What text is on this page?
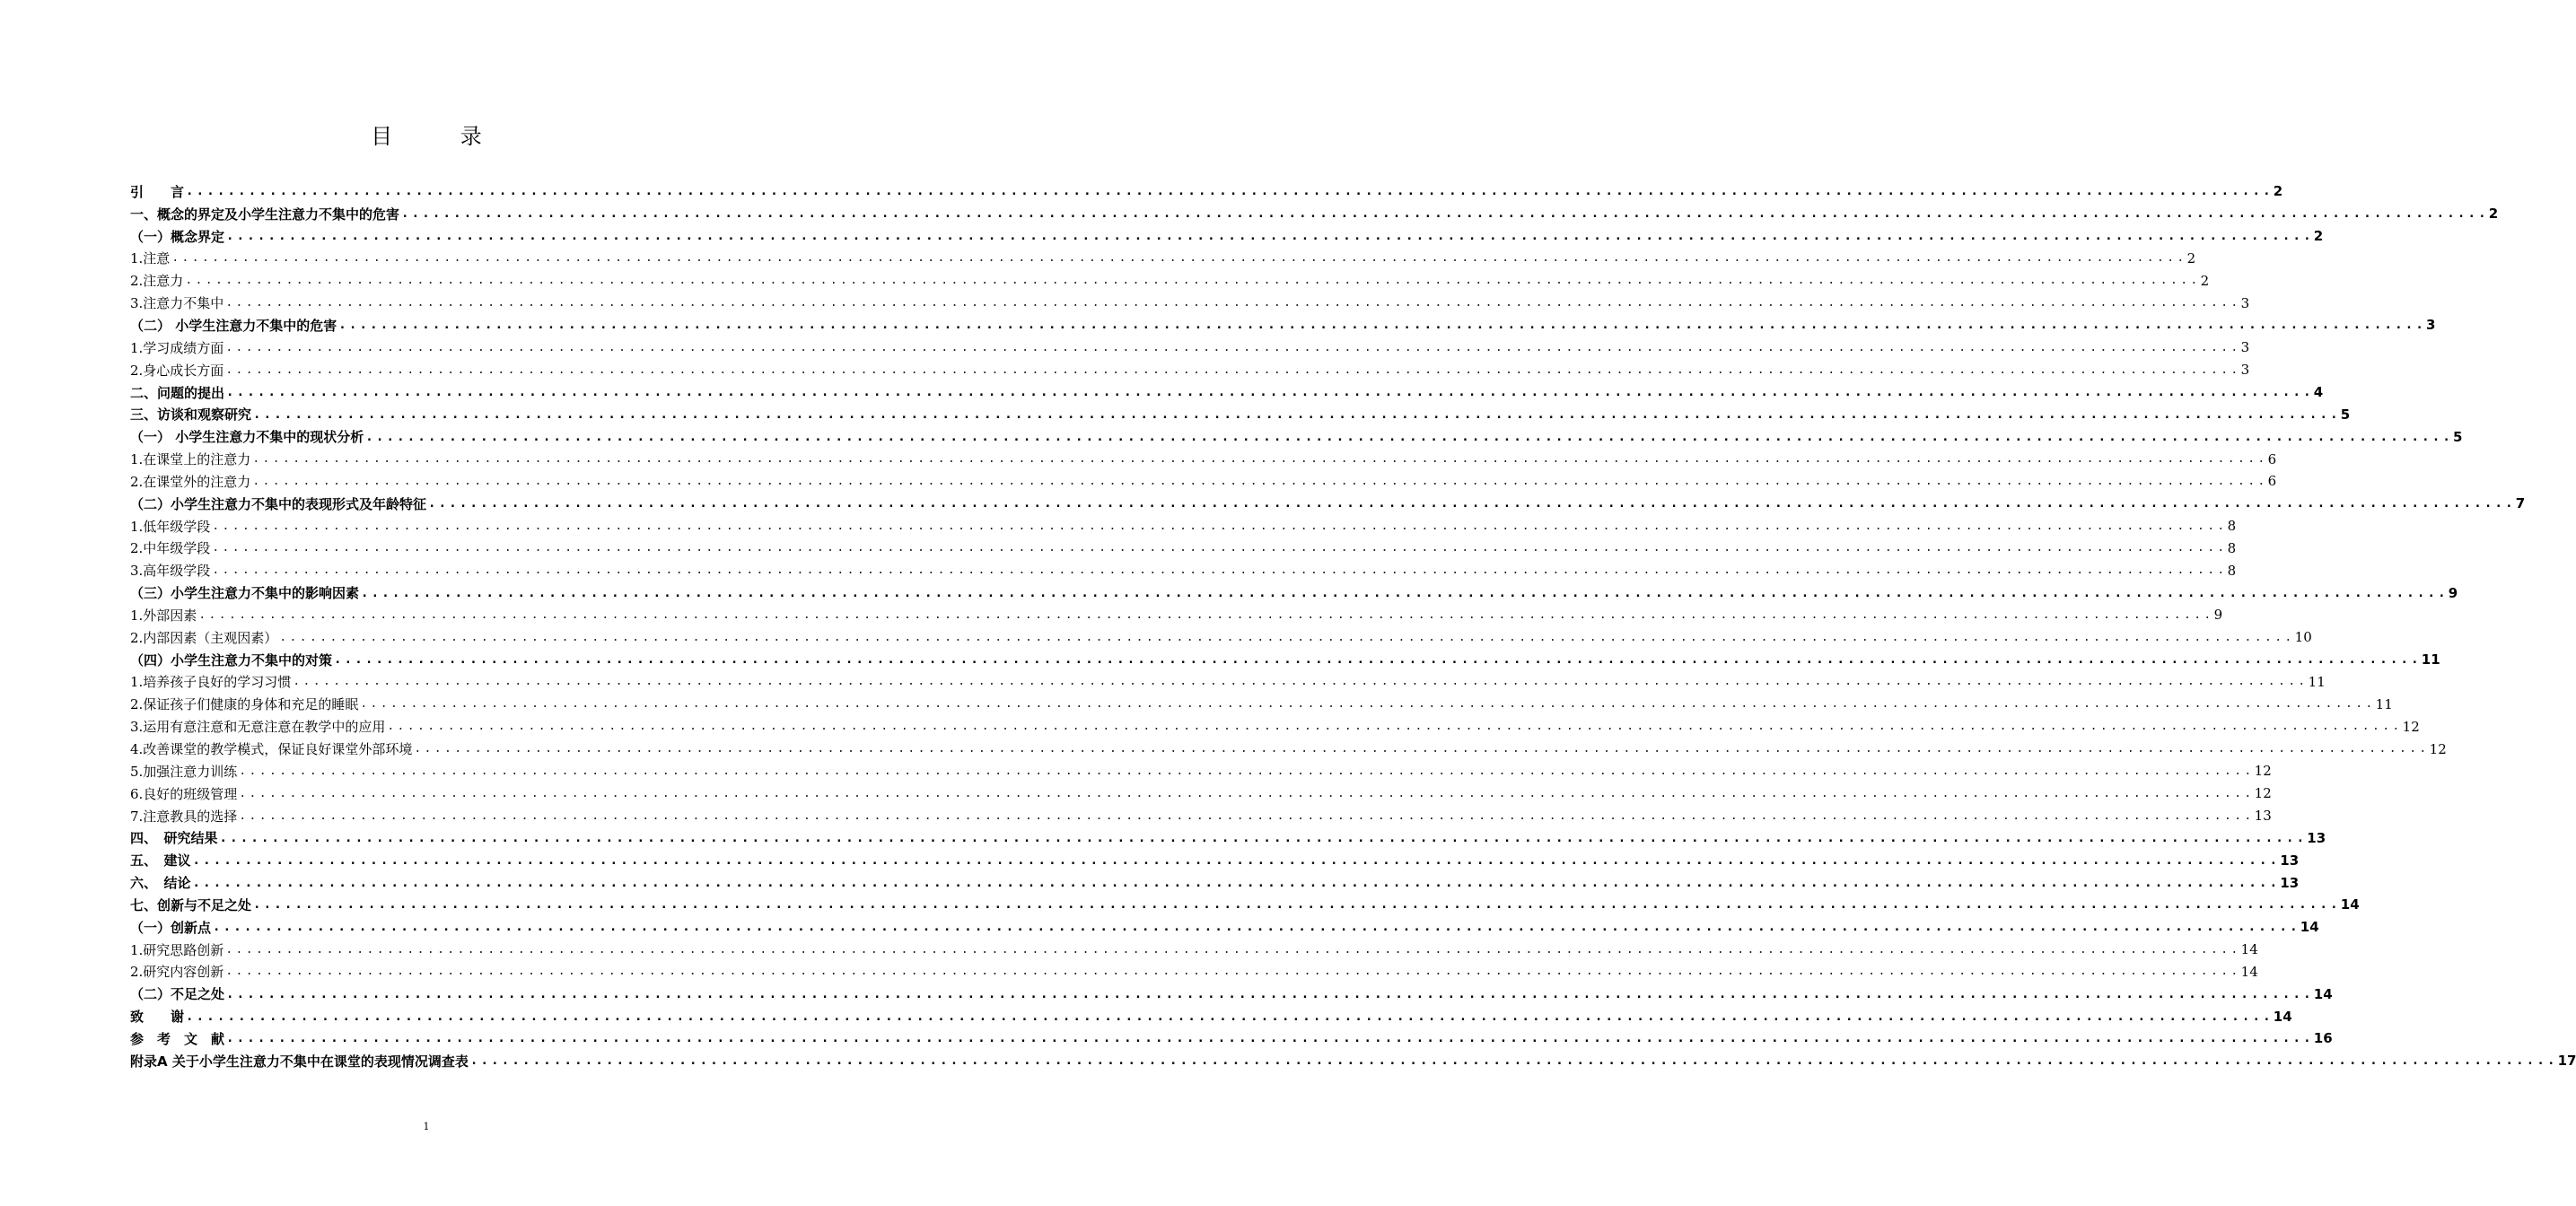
目 录
引　　言 ........................................................................................................................................................................................................ 2
一、概念的界定及小学生注意力不集中的危害 ........................................................................................................................................................................................................ 2
（一）概念界定 ........................................................................................................................................................................................................ 2
1.注意 ........................................................................................................................................................................................................ 2
2.注意力 ........................................................................................................................................................................................................ 2
3.注意力不集中 ........................................................................................................................................................................................................ 3
（二） 小学生注意力不集中的危害 ........................................................................................................................................................................................................ 3
1.学习成绩方面 ........................................................................................................................................................................................................ 3
2.身心成长方面 ........................................................................................................................................................................................................ 3
二、问题的提出 ........................................................................................................................................................................................................ 4
三、访谈和观察研究 ........................................................................................................................................................................................................ 5
（一） 小学生注意力不集中的现状分析 ........................................................................................................................................................................................................ 5
1.在课堂上的注意力 ........................................................................................................................................................................................................ 6
2.在课堂外的注意力 ........................................................................................................................................................................................................ 6
（二）小学生注意力不集中的表现形式及年龄特征 ........................................................................................................................................................................................................ 7
1.低年级学段 ........................................................................................................................................................................................................ 8
2.中年级学段 ........................................................................................................................................................................................................ 8
3.高年级学段 ........................................................................................................................................................................................................ 8
（三）小学生注意力不集中的影响因素 ........................................................................................................................................................................................................ 9
1.外部因素 ........................................................................................................................................................................................................ 9
2.内部因素（主观因素） ........................................................................................................................................................................................................ 10
（四）小学生注意力不集中的对策 ........................................................................................................................................................................................................ 11
1.培养孩子良好的学习习惯 ........................................................................................................................................................................................................ 11
2.保证孩子们健康的身体和充足的睡眠 ........................................................................................................................................................................................................ 11
3.运用有意注意和无意注意在教学中的应用 ........................................................................................................................................................................................................ 12
4.改善课堂的教学模式，保证良好课堂外部环境 ........................................................................................................................................................................................................ 12
5.加强注意力训练 ........................................................................................................................................................................................................ 12
6.良好的班级管理 ........................................................................................................................................................................................................ 12
7.注意教具的选择 ........................................................................................................................................................................................................ 13
四、　研究结果 ........................................................................................................................................................................................................ 13
五、　建议 ........................................................................................................................................................................................................ 13
六、　结论 ........................................................................................................................................................................................................ 13
七、创新与不足之处 ........................................................................................................................................................................................................ 14
（一）创新点 ........................................................................................................................................................................................................ 14
1.研究思路创新 ........................................................................................................................................................................................................ 14
2.研究内容创新 ........................................................................................................................................................................................................ 14
（二）不足之处 ........................................................................................................................................................................................................ 14
致　　谢 ........................................................................................................................................................................................................ 14
参　考　文　献 ........................................................................................................................................................................................................ 16
附录A 关于小学生注意力不集中在课堂的表现情况调查表 ........................................................................................................................................................................................................ 17
1
